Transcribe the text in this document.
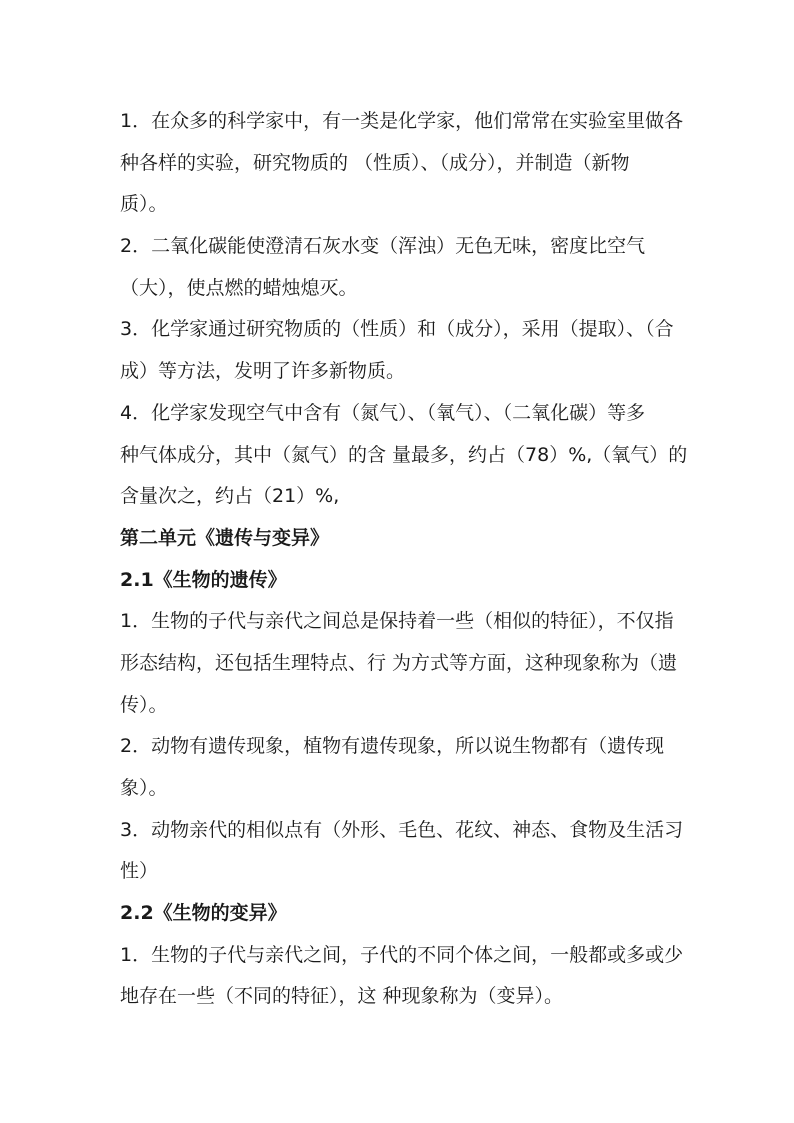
1．在众多的科学家中，有一类是化学家，他们常常在实验室里做各
种各样的实验，研究物质的 （性质）、（成分），并制造（新物
质）。
2．二氧化碳能使澄清石灰水变（浑浊）无色无味，密度比空气
（大），使点燃的蜡烛熄灭。
3．化学家通过研究物质的（性质）和（成分），采用（提取）、（合
成）等方法，发明了许多新物质。
4．化学家发现空气中含有（氮气）、（氧气）、（二氧化碳）等多
种气体成分，其中（氮气）的含 量最多，约占（78）%,（氧气）的
含量次之，约占（21）%,
第二单元《遗传与变异》
2.1《生物的遗传》
1．生物的子代与亲代之间总是保持着一些（相似的特征），不仅指
形态结构，还包括生理特点、行 为方式等方面，这种现象称为（遗
传）。
2．动物有遗传现象，植物有遗传现象，所以说生物都有（遗传现
象）。
3．动物亲代的相似点有（外形、毛色、花纹、神态、食物及生活习
性）
2.2《生物的变异》
1．生物的子代与亲代之间，子代的不同个体之间，一般都或多或少
地存在一些（不同的特征），这 种现象称为（变异）。
